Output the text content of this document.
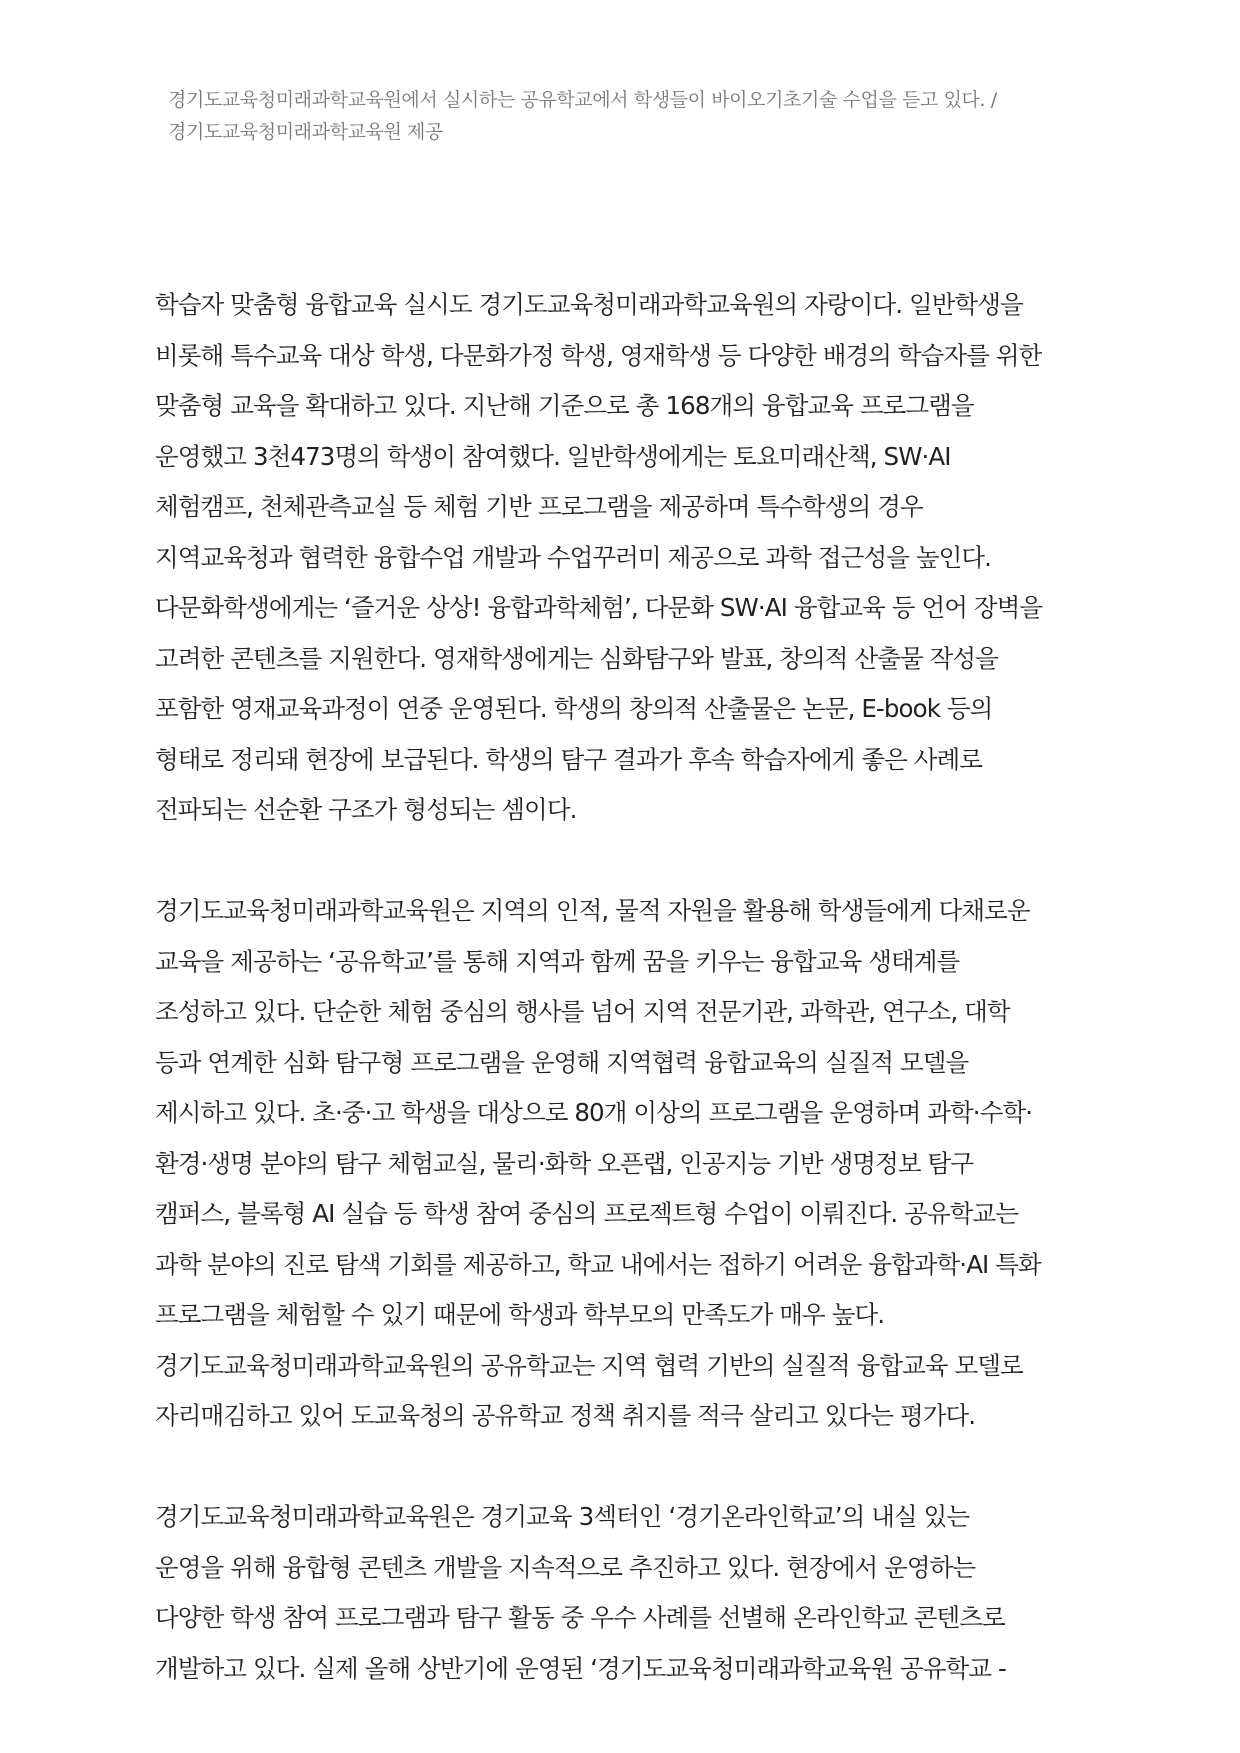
경기도교육청미래과학교육원에서 실시하는 공유학교에서 학생들이 바이오기초기술 수업을 듣고 있다. /
경기도교육청미래과학교육원 제공

학습자 맞춤형 융합교육 실시도 경기도교육청미래과학교육원의 자랑이다. 일반학생을
비롯해 특수교육 대상 학생, 다문화가정 학생, 영재학생 등 다양한 배경의 학습자를 위한
맞춤형 교육을 확대하고 있다. 지난해 기준으로 총 168개의 융합교육 프로그램을
운영했고 3천473명의 학생이 참여했다. 일반학생에게는 토요미래산책, SW·AI
체험캠프, 천체관측교실 등 체험 기반 프로그램을 제공하며 특수학생의 경우
지역교육청과 협력한 융합수업 개발과 수업꾸러미 제공으로 과학 접근성을 높인다.
다문화학생에게는 ‘즐거운 상상! 융합과학체험’, 다문화 SW·AI 융합교육 등 언어 장벽을
고려한 콘텐츠를 지원한다. 영재학생에게는 심화탐구와 발표, 창의적 산출물 작성을
포함한 영재교육과정이 연중 운영된다. 학생의 창의적 산출물은 논문, E-book 등의
형태로 정리돼 현장에 보급된다. 학생의 탐구 결과가 후속 학습자에게 좋은 사례로
전파되는 선순환 구조가 형성되는 셈이다.

경기도교육청미래과학교육원은 지역의 인적, 물적 자원을 활용해 학생들에게 다채로운
교육을 제공하는 ‘공유학교’를 통해 지역과 함께 꿈을 키우는 융합교육 생태계를
조성하고 있다. 단순한 체험 중심의 행사를 넘어 지역 전문기관, 과학관, 연구소, 대학
등과 연계한 심화 탐구형 프로그램을 운영해 지역협력 융합교육의 실질적 모델을
제시하고 있다. 초·중·고 학생을 대상으로 80개 이상의 프로그램을 운영하며 과학·수학·
환경·생명 분야의 탐구 체험교실, 물리·화학 오픈랩, 인공지능 기반 생명정보 탐구
캠퍼스, 블록형 AI 실습 등 학생 참여 중심의 프로젝트형 수업이 이뤄진다. 공유학교는
과학 분야의 진로 탐색 기회를 제공하고, 학교 내에서는 접하기 어려운 융합과학·AI 특화
프로그램을 체험할 수 있기 때문에 학생과 학부모의 만족도가 매우 높다.
경기도교육청미래과학교육원의 공유학교는 지역 협력 기반의 실질적 융합교육 모델로
자리매김하고 있어 도교육청의 공유학교 정책 취지를 적극 살리고 있다는 평가다.

경기도교육청미래과학교육원은 경기교육 3섹터인 ‘경기온라인학교’의 내실 있는
운영을 위해 융합형 콘텐츠 개발을 지속적으로 추진하고 있다. 현장에서 운영하는
다양한 학생 참여 프로그램과 탐구 활동 중 우수 사례를 선별해 온라인학교 콘텐츠로
개발하고 있다. 실제 올해 상반기에 운영된 ‘경기도교육청미래과학교육원 공유학교 -
